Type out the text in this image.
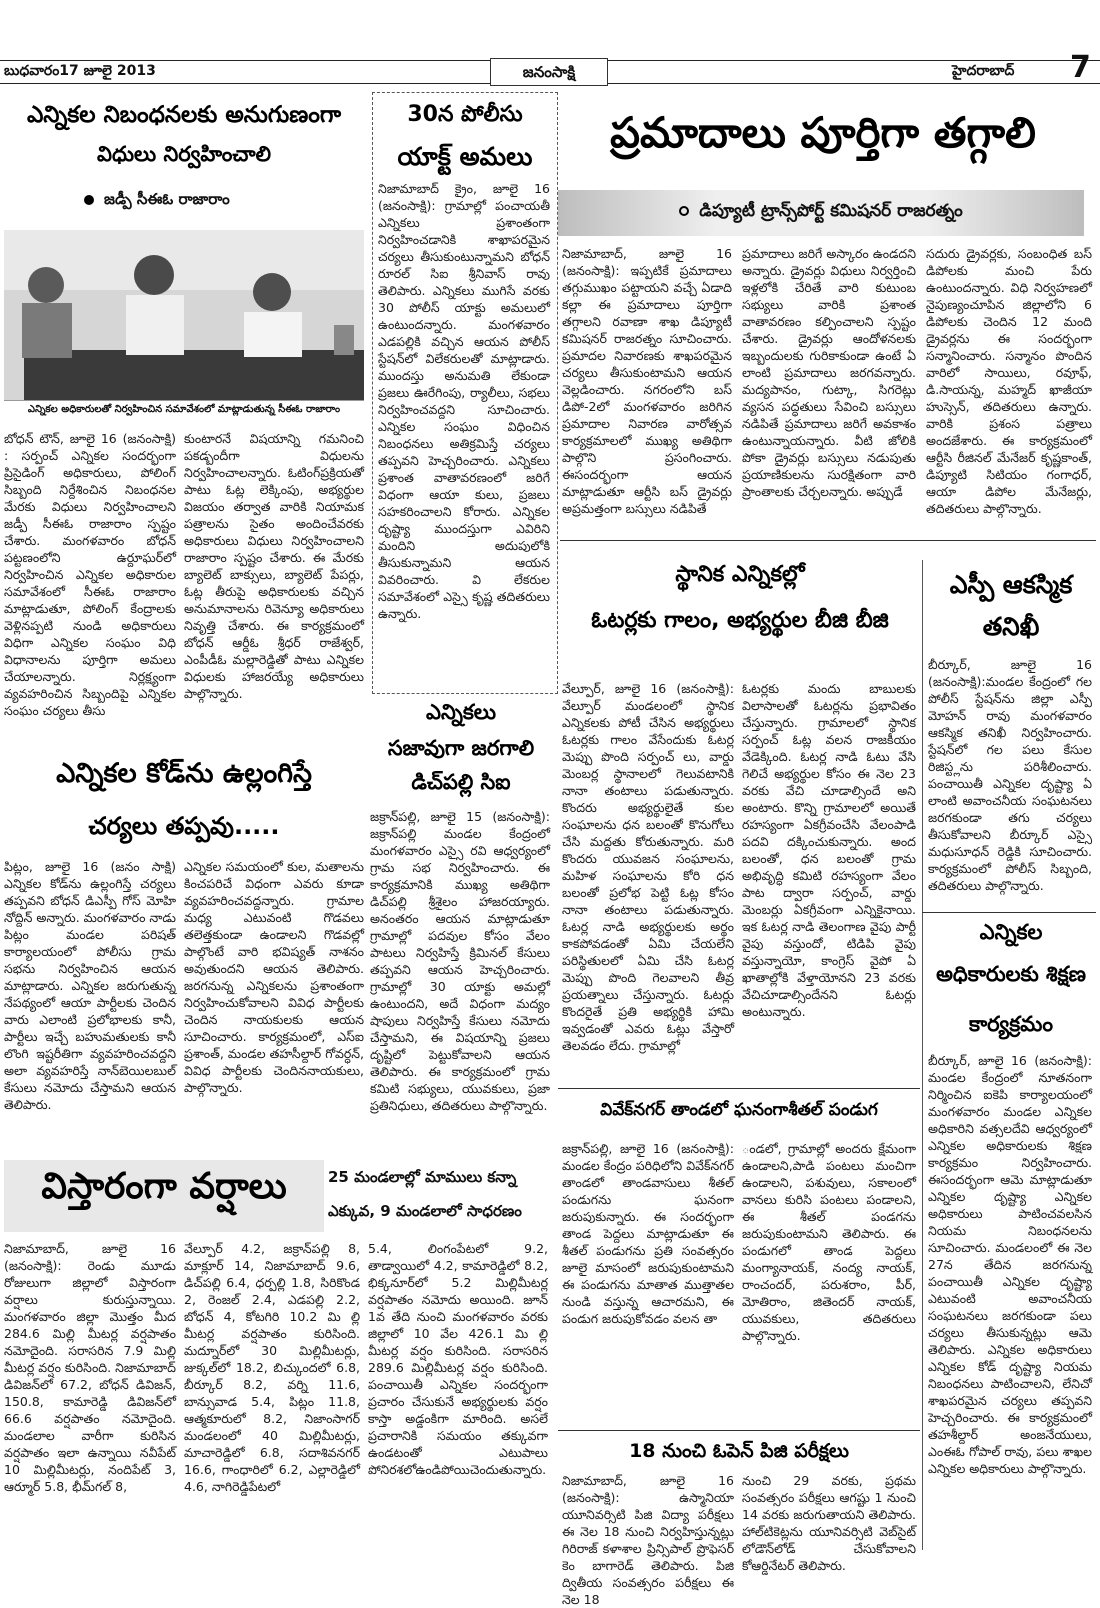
బుధవారం17 జూలై 2013	జనంసాక్షి	హైదరాబాద్ 7
ఎన్నికల నిబంధనలకు అనుగుణంగా
విధులు నిర్వహించాలి
జడ్పీ సీఈఓ రాజారాం
ఎన్నికల అధికారులతో నిర్వహించిన సమావేశంలో మాట్లాడుతున్న సీఈఓ రాజారాం
బోధన్ టౌన్, జూలై 16 (జనంసాక్షి) : సర్పంచ్ ఎన్నికల సందర్భంగా ప్రిసైడింగ్ అధికారులు, పోలింగ్ సిబ్బంది నిర్దేశించిన నిబంధనల మేరకు విధులు నిర్వహించాలని జడ్పీ సీఈఓ రాజారాం స్పష్టం చేశారు. మంగళవారం బోధన్ పట్టణంలోని ఉర్దూఘర్‌లో నిర్వహించిన ఎన్నికల అధికారుల సమావేశంలో సీఈఓ రాజారాం మాట్లాడుతూ, పోలింగ్ కేంద్రాలకు వెళ్లినప్పటి నుండి అధికారులు విధిగా ఎన్నికల సంఘం విధి విధానాలను పూర్తిగా అమలు చేయాలన్నారు. నిర్లక్ష్యంగా వ్యవహరించిన సిబ్బందిపై ఎన్నికల సంఘం చర్యలు తీసు
కుంటారనే విషయాన్ని గమనించి పకడ్బందీగా విధులను నిర్వహించాలన్నారు. ఓటింగ్‌ప్రక్రియతో పాటు ఓట్ల లెక్కింపు, అభ్యర్థుల విజయం తర్వాత వారికి నియామక పత్రాలను సైతం అందించేవరకు అధికారులు విధులు నిర్వహించాలని రాజారాం స్పష్టం చేశారు. ఈ మేరకు బ్యాలెట్ బాక్సులు, బ్యాలెట్ పేపర్లు, ఓట్ల తీరుపై అధికారులకు వచ్చిన అనుమానాలను రివెన్యూ అధికారులు నివృత్తి చేశారు. ఈ కార్యక్రమంలో బోధన్ ఆర్డీఓ శ్రీధర్ రాజేశ్వర్, ఎంపీడీఓ మల్లారెడ్డితో పాటు ఎన్నికల విధులకు హాజరయ్యే అధికారులు పాల్గొన్నారు.
30న పోలీసు
యాక్ట్ అమలు
నిజామాబాద్ క్రైం, జూలై 16 (జనంసాక్షి): గ్రామాల్లో పంచాయతీ ఎన్నికలు ప్రశాంతంగా నిర్వహించడానికి శాఖాపరమైన చర్యలు తీసుకుంటున్నామని బోధన్ రూరల్ సిఐ శ్రీనివాస్ రావు తెలిపారు. ఎన్నికలు ముగిసే వరకు 30 పోలీస్ యాక్టు అమలులో ఉంటుందన్నారు. మంగళవారం ఎడపల్లికి వచ్చిన ఆయన పోలీస్ స్టేషన్‌లో విలేకరులతో మాట్లాడారు. ముందస్తు అనుమతి లేకుండా ప్రజలు ఊరేగింపు, ర్యాలీలు, సభలు నిర్వహించవద్దని సూచించారు. ఎన్నికల సంఘం విధించిన నిబంధనలు అతిక్రమిస్తే చర్యలు తప్పవని హెచ్చరించారు. ఎన్నికలు ప్రశాంత వాతావరణంలో జరిగే విధంగా ఆయా కులు, ప్రజలు సహకరించాలని కోరారు. ఎన్నికల దృష్ట్యా ముందస్తుగా ఎవిరిని మందిని అదుపులోకి తీసుకున్నామని ఆయన వివరించారు. వి లేకరుల సమావేశంలో ఎస్సై కృష్ణ తదితరులు ఉన్నారు.
ప్రమాదాలు పూర్తిగా తగ్గాలి
డిప్యూటీ ట్రాన్స్‌పోర్ట్ కమిషనర్ రాజరత్నం
నిజామాబాద్, జూలై 16 (జనంసాక్షి): ఇప్పటికే ప్రమాదాలు తగ్గుముఖం పట్టాయని వచ్చే ఏడాది కల్లా ఈ ప్రమాదాలు పూర్తిగా తగ్గాలని రవాణా శాఖ డిప్యూటీ కమిషనర్ రాజరత్నం సూచించారు. ప్రమాదల నివారణకు శాఖపరమైన చర్యలు తీసుకుంటామని ఆయన వెల్లడించారు. నగరంలోని బస్ డిపో-2లో మంగళవారం జరిగిన ప్రమాదాల నివారణ వారోత్సవ కార్యక్రమాలలో ముఖ్య అతిథిగా పాల్గొని ప్రసంగించారు. ఈసందర్భంగా ఆయన మాట్లాడుతూ ఆర్టీసి బస్ డ్రైవర్లు అప్రమత్తంగా బస్సులు నడిపితే
ప్రమాదాలు జరిగే అస్కారం ఉండదని అన్నారు. డ్రైవర్లు విధులు నిర్వర్తించి ఇళ్లలోకి చేరితే వారి కుటుంబ సభ్యులు వారికి ప్రశాంత వాతావరణం కల్పించాలని స్పష్టం చేశారు. డ్రైవర్లు ఆందోళనలకు ఇబ్బందులకు గురికాకుండా ఉంటే ఏ లాంటి ప్రమాదాలు జరగవన్నారు. మద్యపానం, గుట్కా, సిగరెట్లు వ్యసన పద్ధతులు సేవించి బస్సులు నడిపితే ప్రమాదాలు జరిగే అవకాశం ఉంటున్నాయన్నారు. వీటి జోలికి పోకా డ్రైవర్లు బస్సులు నడుపుతు ప్రయాణికులను సురక్షితంగా వారి ప్రాంతాలకు చేర్చలన్నారు. అప్పుడే
సదురు డ్రైవర్లకు, సంబంధిత బస్ డిపోలకు మంచి పేరు ఉంటుందన్నారు. విధి నిర్వహణలో నైపుణ్యంచూపిన జిల్లాలోని 6 డిపోలకు చెందిన 12 మంది డ్రైవర్లను ఈ సందర్భంగా సన్మానించారు. సన్మానం పొందిన వారిలో సాయిలు, రవూఫ్, డి.సాయన్న, మహ్మద్ ఖాజీయా హుస్సెన్, తదితరులు ఉన్నారు. వారికి ప్రశంస పత్రాలు అందజేశారు. ఈ కార్యక్రమంలో ఆర్టీసి రీజినల్ మేనేజర్ కృష్ణకాంత్, డిప్యూటి సిటియం గంగాధర్, ఆయా డిపోల మేనేజర్లు, తదితరులు పాల్గొన్నారు.
స్థానిక ఎన్నికల్లో
ఓటర్లకు గాలం, అభ్యర్థుల బీజి బీజి
వేల్పూర్, జూలై 16 (జనంసాక్షి): వేల్పూర్ మండలంలో స్థానిక ఎన్నికలకు పోటీ చేసిన అభ్యర్థులు ఓటర్లకు గాలం వేసేందుకు ఓటర్ల మెప్పు పొంది సర్పంచ్ లు, వార్డు మెంబర్ల స్థానాలలో గెలువటానికి నానా తంటాలు పడుతున్నారు. కొందరు అభ్యర్థులైతే కుల సంఘాలను ధన బలంతో కొనుగోలు చేసి మద్దతు కోరుతున్నారు. మరి కొందరు యువజన సంఘాలను, మహిళ సంఘాలను కోరి ధన బలంతో ప్రలోభ పెట్టి ఓట్ల కోసం నానా తంటాలు పడుతున్నారు. ఓటర్ల నాడి అభ్యర్థులకు అర్థం కాకపోవడంతో ఏమి చేయలేని పరిస్థితులలో ఏమి చేసి ఓటర్ల మెప్పు పొంది గెలవాలని తీవ్ర ప్రయత్నాలు చేస్తున్నారు. ఓటర్లు కొందరైతే ప్రతి అభ్యర్థికి హామి ఇవ్వడంతో ఎవరు ఓట్లు వేస్తారో తెలవడం లేదు. గ్రామాల్లో
ఓటర్లకు మందు బాబులకు విలాసాలతో ఓటర్లను ప్రభావితం చేస్తున్నారు. గ్రామాలలో స్థానిక సర్పంచ్ ఓట్ల వలన రాజకీయం వేడెక్కింది. ఓటర్ల నాడి ఓటు వేసి గెలిచే అభ్యర్థుల కోసం ఈ నెల 23 వరకు వేచి చూడాల్సిందే అని అంటారు. కొన్ని గ్రామాలలో అయితే రహస్యంగా ఏకగ్రీవంచేసి వేలంపాడి పదవి దక్కించుకున్నారు. అంద బలంతో, ధన బలంతో గ్రామ అభివృద్ధి కమిటి రహస్యంగా వేలం పాట ద్వారా సర్పంచ్, వార్డు మెంబర్లు ఏకగ్రీవంగా ఎన్నికైనాయి. ఇక ఓటర్ల నాడి తెలంగాణ వైపు పార్టీ వైపు వస్తుందో, టిడిపి వైపు వస్తున్నాయో, కాంగ్రెస్ వైపో ఏ ఖాతాల్లోకి వేళ్తాయోనని 23 వరకు వేచిచూడాల్సిందేనని ఓటర్లు అంటున్నారు.
ఎస్పీ ఆకస్మిక
తనిఖీ
బీర్కూర్, జూలై 16 (జనంసాక్షి):మండల కేంద్రంలో గల పోలీస్ స్టేషన్‌ను జిల్లా ఎస్పీ మోహన్ రావు మంగళవారం ఆకస్మిక తనిఖీ నిర్వహించారు. స్టేషన్‌లో గల పలు కేసుల రిజిస్ట్లను పరిశీలించారు. పంచాయితీ ఎన్నికల దృష్ట్యా ఏ లాంటి అవాంచనీయ సంఘటనలు జరగకుండా తగు చర్యలు తీసుకోవాలని బీర్కూర్ ఎస్సై మధుసూధన్ రెడ్డికి సూచించారు. కార్యక్రమంలో పోలీస్ సిబ్బంది, తదితరులు పాల్గొన్నారు.
ఎన్నికల కోడ్‌ను ఉల్లంగిస్తే
చర్యలు తప్పవు.....
పిట్లం, జూలై 16 (జనం సాక్షి) ఎన్నికల కోడ్‌ను ఉల్లంగిస్తే చర్యలు తప్పవని బోధన్ డిఎస్పీ గోస్ మోహి నోద్దిన్ అన్నారు. మంగళవారం నాడు పిట్లం మండల పరిషత్ కార్యాలయంలో పోలీసు గ్రామ సభను నిర్వహించిన ఆయన మాట్లాడారు. ఎన్నికల జరుగుతున్న నేపథ్యంలో ఆయా పార్టీలకు చెందిన వారు ఎలాంటి ప్రలోభాలకు కానీ, పార్టీలు ఇచ్చే బహుమతులకు కానీ లొంగి ఇష్టరీతిగా వ్యవహరించవద్దని అలా వ్యవహరిస్తే నాన్‌బెయిలబుల్ కేసులు నమోదు చేస్తామని ఆయన తెలిపారు.
ఎన్నికల సమయంలో కుల, మతాలను కించపరిచే విధంగా ఎవరు కూడా వ్యవహరించవద్దన్నారు. గ్రామాల మధ్య ఎటువంటి గొడవలు తలెత్తకుండా ఉండాలని గొడవల్లో పాల్గొంటే వారి భవిష్యత్ నాశనం అవుతుందని ఆయన తెలిపారు. జరగనున్న ఎన్నికలను ప్రశాంతంగా నిర్వహించుకోవాలని వివిధ పార్టీలకు చెందిన నాయకులకు ఆయన సూచించారు. కార్యక్రమంలో, ఎస్‌ఐ ప్రశాంత్, మండల తహసీల్దార్ గోవర్ధన్, వివిధ పార్టీలకు చెందిననాయకులు, పాల్గొన్నారు.
ఎన్నికలు
సజావుగా జరగాలి
డిచ్‌పల్లి సిఐ
జక్రాన్‌పల్లి, జూలై 15 (జనంసాక్షి): జక్రాన్‌పల్లి మండల కేంద్రంలో మంగళవారం ఎస్సై రవి ఆధ్వర్యంలో గ్రామ సభ నిర్వహించారు. ఈ కార్యక్రమానికి ముఖ్య అతిథిగా డిచ్‌పల్లి శ్రీశైలం హాజరయ్యారు. అనంతరం ఆయన మాట్లాడుతూ గ్రామాల్లో పదవుల కోసం వేలం పాటలు నిర్వహిస్తే క్రిమినల్ కేసులు తప్పవని ఆయన హెచ్చరించారు. గ్రామాల్లో 30 యాక్టు అమల్లో ఉంటుందని, అదే విధంగా మద్యం షాపులు నిర్వహిస్తే కేసులు నమోదు చేస్తామని, ఈ విషయాన్ని ప్రజలు దృష్టిలో పెట్టుకోవాలని ఆయన తెలిపారు. ఈ కార్యక్రమంలో గ్రామ కమిటి సభ్యులు, యువకులు, ప్రజా ప్రతినిధులు, తదితరులు పాల్గొన్నారు.	వివేక్‌నగర్ తాండలో ఘనంగాశీతల్ పండుగ
జక్రాన్‌పల్లి, జూలై 16 (జనంసాక్షి): మండల కేంద్రం పరిధిలోని వివేక్‌నగర్ తాండలో తాండవాసులు శీతల్ పండుగను ఘనంగా జరుపుకున్నారు. ఈ సందర్భంగా తాండ పెద్దలు మాట్లాడుతూ ఈ శీతల్ పండుగను ప్రతి సంవత్సరం జూలై మాసంలో జరుపుకుంటామని ఈ పండుగను మాతాత ముత్తాతల నుండి వస్తున్న ఆచారమని, ఈ పండుగ జరుపుకోవడం వలన తా
ండలో, గ్రామాల్లో అందరు క్షేమంగా ఉండాలని,పాడి పంటలు మంచిగా ఉండాలని, పశువులు, సకాలంలో వానలు కురిసి పంటలు పండాలని, ఈ శీతల్ పండగను జరుపుకుంటామని తెలిపారు. ఈ పండుగలో తాండ పెద్దలు మంగ్యానాయక్, నంద్య నాయక్, రాంచందర్, పరుశరాం, పీర్, మోతిరాం, జితెందర్ నాయక్, యువకులు, తదితరులు పాల్గొన్నారు.
ఎన్నికల
అధికారులకు శిక్షణ
కార్యక్రమం
బీర్కూర్, జూలై 16 (జనంసాక్షి): మండల కేంద్రంలో నూతనంగా నిర్మించిన ఐకెపి కార్యాలయంలో మంగళవారం మండల ఎన్నికల అధికారిని వత్సలదేవి ఆధ్వర్యంలో ఎన్నికల అధికారులకు శిక్షణ కార్యక్రమం నిర్వహించారు. ఈసందర్భంగా ఆమె మాట్లాడుతూ ఎన్నికల దృష్ట్యా ఎన్నికల అధికారులు పాటించవలసిన నియమ నిబంధనలను సూచించారు. మండలంలో ఈ నెల 27న తేదిన జరగనున్న పంచాయితీ ఎన్నికల దృష్ట్యా ఎటువంటి అవాంచనీయ సంఘటనలు జరగకుండా పలు చర్యలు తీసుకున్నట్లు ఆమె తెలిపారు. ఎన్నికల అధికారులు ఎన్నికల కోడ్ దృష్ట్యా నియమ నిబంధనలు పాటించాలని, లేనిచో శాఖపరమైన చర్యలు తప్పవని హెచ్చరించారు. ఈ కార్యక్రమంలో తహశీల్దార్ అంజనేయులు, ఎంఈఓ గోపాల్ రావు, పలు శాఖల ఎన్నికల అధికారులు పాల్గొన్నారు.
విస్తారంగా వర్షాలు	25 మండలాల్లో మాములు కన్నా
ఎక్కువ, 9 మండలాలో సాధరణం
నిజామాబాద్, జూలై 16 (జనంసాక్షి): రెండు మూడు రోజులుగా జిల్లాలో విస్తారంగా వర్షాలు కురుస్తున్నాయి. మంగళవారం జిల్లా మొత్తం మీద 284.6 మిల్లి మీటర్ల వర్షపాతం నమోదైంది. సరాసరిన 7.9 మిల్లి మీటర్ల వర్షం కురిసింది. నిజామాబాద్ డివిజన్‌లో 67.2, బోధన్ డివిజన్, 150.8, కామారెడ్డి డివిజన్‌లో 66.6 వర్షపాతం నమోదైంది. మండలాల వారీగా కురిసిన వర్షపాతం ఇలా ఉన్నాయి నవీపేట్ 10 మిల్లిమీటర్లు, నందిపేట్ 3, ఆర్మూర్ 5.8, భీమ్‌గల్ 8,
వేల్పూర్ 4.2, జక్రాన్‌పల్లి 8, మాక్లూర్ 14, నిజామాబాద్ 9.6, డిచ్‌పల్లి 6.4, ధర్పల్లి 1.8, సిరికొండ 2, రెంజల్ 2.4, ఎడపల్లి 2.2, బోధన్ 4, కోటగిరి 10.2 మి ల్లి మీటర్ల వర్షపాతం కురిసింది. మద్నూర్‌లో 30 మిల్లిమీటర్లు, జుక్కల్‌లో 18.2, బిచ్కుందలో 6.8, బీర్కూర్ 8.2, వర్ని 11.6, బాన్సువాడ 5.4, పిట్లం 11.8, ఆత్మకూరులో 8.2, నిజాంసాగర్ మండలంలో 40 మిల్లిమీటర్లు, మాచారెడ్డిలో 6.8, సదాశివనగర్ 16.6, గాంధారిలో 6.2, ఎల్లారెడ్డిలో 4.6, నాగిరెడ్డిపేటలో
5.4, లింగంపేటలో 9.2, తాడ్వాయిలో 4.2, కామారెడ్డిలో 8.2, భిక్కనూర్‌లో 5.2 మిల్లిమీటర్ల వర్షపాతం నమోదు అయింది. జూన్ 1వ తేది నుంచి మంగళవారం వరకు జిల్లాలో 10 వేల 426.1 మి ల్లి మీటర్ల వర్షం కురిసింది. సరాసరిన 289.6 మిల్లిమీటర్ల వర్షం కురిసింది. పంచాయితీ ఎన్నికల సందర్భంగా ప్రచారం చేసుకునే అభ్యర్థులకు వర్షం కాస్తా అడ్డంకిగా మారింది. అసలే ప్రచారానికి సమయం తక్కువగా ఉండటంతో ఎటుపాలు పోనిరశలోఉండిపోయిచెందుతున్నారు.
18 నుంచి ఓపెన్ పిజి పరీక్షలు
నిజామాబాద్, జూలై 16 (జనంసాక్షి): ఉస్మానియా యూనివర్సిటి పిజి విద్యా పరీక్షలు ఈ నెల 18 నుంచి నిర్వహిస్తున్నట్లు గిరిరాజ్ కళాశాల ప్రిన్సిపాల్ ప్రొఫెసర్ కెం బాగారెడ్ తెలిపారు. పిజి ద్వితీయ సంవత్సరం పరీక్షలు ఈ నెల 18
నుంచి 29 వరకు, ప్రథమ సంవత్సరం పరీక్షలు ఆగష్టు 1 నుంచి 14 వరకు జరుగుతాయని తెలిపారు. హాల్‌టికెట్లను యూనివర్సిటి వెబ్‌సైట్ లోడౌన్‌లోడ్ చేసుకోవాలని కోఆర్డినేటర్ తెలిపారు.
